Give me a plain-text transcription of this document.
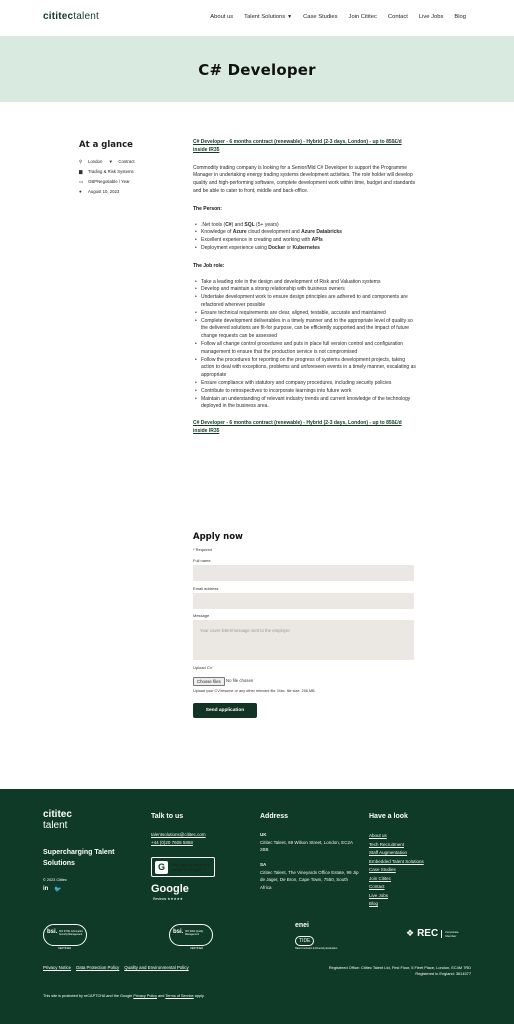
cititectalent	About us Talent Solutions ▼ Case Studies Join Cititec Contact Live Jobs Blog
C# Developer
At a glance
⚲	London ♥	Contract
▆	Trading & Risk Systems
▭	GBPNegotiable / Year
●	August 10, 2023
C# Developer - 6 months contract (renewable) - Hybrid (2-3 days, London) - up to 850£/d inside IR35

Commodity trading company is looking for a Senior/Mid C# Developer to support the Programme Manager in undertaking energy trading systems development activities. The role holder will develop quality and high-performing software, complete development work within time, budget and standards and be able to cater to front, middle and back-office.

The Person:
• .Net tools (C#) and SQL (5+ years)
• Knowledge of Azure cloud development and Azure Databricks
• Excellent experience in creating and working with APIs
• Deployment experience using Docker or Kubernetes
The Job role:
• Take a leading role in the design and development of Risk and Valuation systems
• Develop and maintain a strong relationship with business owners
• Undertake development work to ensure design principles are adhered to and components are refactored wherever possible
• Ensure technical requirements are clear, aligned, testable, accurate and maintained
• Complete development deliverables in a timely manner and to the appropriate level of quality so the delivered solutions are fit-for purpose, can be efficiently supported and the impact of future change requests can be assessed
• Follow all change control procedures and puts in place full version control and configuration management to ensure that the production service is not compromised
• Follow the procedures for reporting on the progress of systems development projects, taking action to deal with exceptions, problems and unforeseen events in a timely manner, escalating as appropriate
• Ensure compliance with statutory and company procedures, including security policies
• Contribute to retrospectives to incorporate learnings into future work
• Maintain an understanding of relevant industry trends and current knowledge of the technology deployed in the business area.
C# Developer - 6 months contract (renewable) - Hybrid (2-3 days, London) - up to 850£/d inside IR35
Apply now
* Required
Full name
Email address
Message
Your cover letter/message sent to the employer
Upload CV
Choose files	No file chosen
Upload your CV/resume or any other relevant file. Max. file size: 256 MB.
Send application
cititec
talent
Supercharging Talent Solutions
© 2023 Cititec
in 🐦
Talk to us
talentsolutions@cititec.com
+44 (0)20 7608 5858
Address
UK
Cititec Talent, 69 Wilson Street, London, EC2A 2BB

SA
Cititec Talent, The Vineyards Office Estate, 99 Jip de Jager, De Bron, Cape Town, 7550, South Africa
Have a look
About us
Tech Recruitment
Staff Augmentation
Embedded Talent Solutions
Case Studies
Join Cititec
Contact
Live Jobs
Blog
G	Click here to leave us a review on Google!
Google
Reviews ★★★★★
bsi. ISO 27001 Information Security Management
CERTIFIED
bsi. ISO 9001 Quality Management
CERTIFIED
enei
TIDE
Talent Inclusion & Diversity Evaluation
❖ REC	Corporate Member
Privacy Notice Data Protection Policy Quality and Environmental Policy	Registered Office: Cititec Talent Ltd, First Floor, 5 Fleet Place, London, EC4M 7RD
Registered in England: 3614377
This site is protected by reCAPTCHA and the Google Privacy Policy and Terms of Service apply.
